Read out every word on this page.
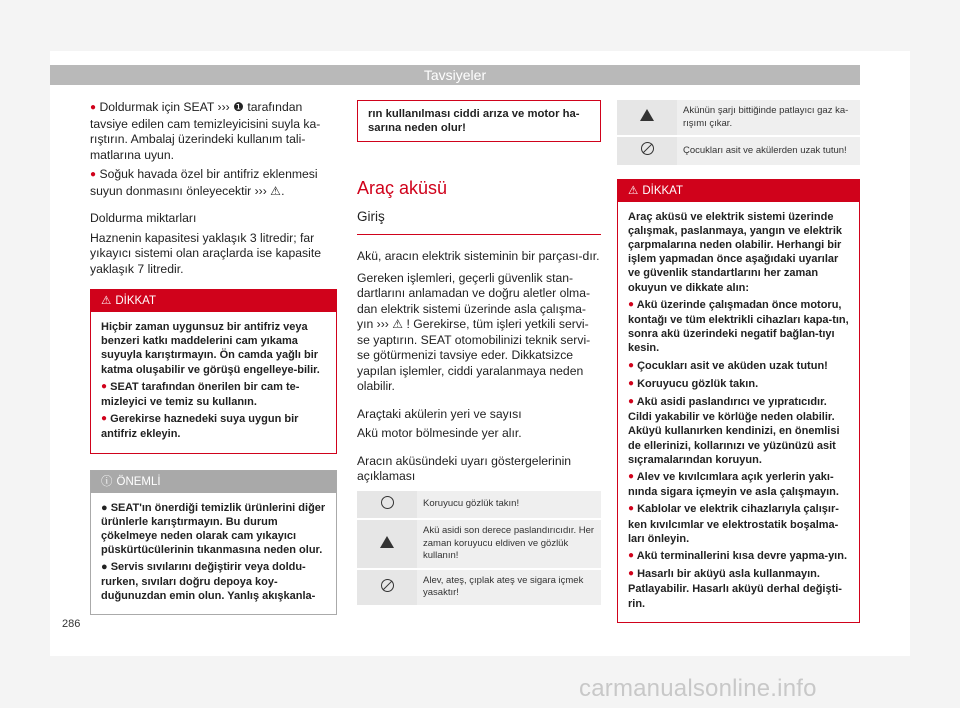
Tavsiyeler

● Doldurmak için SEAT ››› ❶ tarafından tavsiye edilen cam temizleyicisini suyla ka-rıştırın. Ambalaj üzerindeki kullanım tali-matlarına uyun.

● Soğuk havada özel bir antifriz eklenmesi suyun donmasını önleyecektir ››› ⚠.

Doldurma miktarları

Haznenin kapasitesi yaklaşık 3 litredir; far yıkayıcı sistemi olan araçlarda ise kapasite yaklaşık 7 litredir.

⚠ DİKKAT

Hiçbir zaman uygunsuz bir antifriz veya benzeri katkı maddelerini cam yıkama suyuyla karıştırmayın. Ön camda yağlı bir katma oluşabilir ve görüşü engelleye-bilir.

● SEAT tarafından önerilen bir cam te-mizleyici ve temiz su kullanın.

● Gerekirse haznedeki suya uygun bir antifriz ekleyin.

ⓘ ÖNEMLİ

● SEAT'ın önerdiği temizlik ürünlerini diğer ürünlerle karıştırmayın. Bu durum çökelmeye neden olarak cam yıkayıcı püskürtücülerinin tıkanmasına neden olur.

● Servis sıvılarını değiştirir veya doldu-rurken, sıvıları doğru depoya koy-duğunuzdan emin olun. Yanlış akışkanla-

rın kullanılması ciddi arıza ve motor ha-sarına neden olur!
Araç aküsü
Giriş

Akü, aracın elektrik sisteminin bir parçası-dır.

Gereken işlemleri, geçerli güvenlik stan-dartlarını anlamadan ve doğru aletler olma-dan elektrik sistemi üzerinde asla çalışma-yın ››› ⚠ ! Gerekirse, tüm işleri yetkili servi-se yaptırın. SEAT otomobilinizi teknik servi-se götürmenizi tavsiye eder. Dikkatsizce yapılan işlemler, ciddi yaralanmaya neden olabilir.

Araçtaki akülerin yeri ve sayısı

Akü motor bölmesinde yer alır.

Aracın aküsündeki uyarı göstergelerinin açıklaması

	Koruyucu gözlük takın!
	Akü asidi son derece paslandırıcıdır. Her zaman koruyucu eldiven ve gözlük kullanın!
	Alev, ateş, çıplak ateş ve sigara içmek yasaktır!
	Akünün şarjı bittiğinde patlayıcı gaz ka-rışımı çıkar.
	Çocukları asit ve akülerden uzak tutun!
⚠ DİKKAT

Araç aküsü ve elektrik sistemi üzerinde çalışmak, paslanmaya, yangın ve elektrik çarpmalarına neden olabilir. Herhangi bir işlem yapmadan önce aşağıdaki uyarılar ve güvenlik standartlarını her zaman okuyun ve dikkate alın:

● Akü üzerinde çalışmadan önce motoru, kontağı ve tüm elektrikli cihazları kapa-tın, sonra akü üzerindeki negatif bağlan-tıyı kesin.

● Çocukları asit ve aküden uzak tutun!

● Koruyucu gözlük takın.

● Akü asidi paslandırıcı ve yıpratıcıdır. Cildi yakabilir ve körlüğe neden olabilir. Aküyü kullanırken kendinizi, en önemlisi de ellerinizi, kollarınızı ve yüzünüzü asit sıçramalarından koruyun.

● Alev ve kıvılcımlara açık yerlerin yakı-nında sigara içmeyin ve asla çalışmayın.

● Kablolar ve elektrik cihazlarıyla çalışır-ken kıvılcımlar ve elektrostatik boşalma-ları önleyin.

● Akü terminallerini kısa devre yapma-yın.

● Hasarlı bir aküyü asla kullanmayın. Patlayabilir. Hasarlı aküyü derhal değişti-rin.

286
carmanualsonline.info
